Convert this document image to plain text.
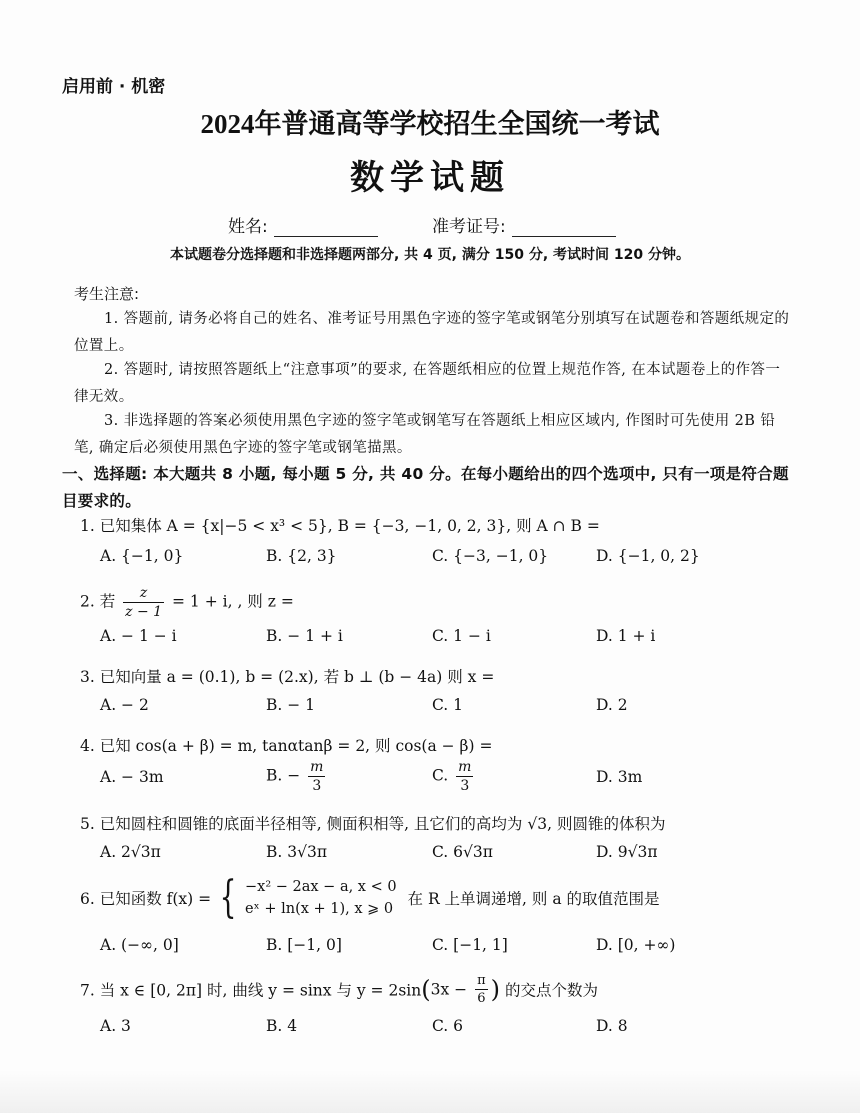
启用前 · 机密
2024年普通高等学校招生全国统一考试
数学试题
姓名:	准考证号:
本试题卷分选择题和非选择题两部分, 共 4 页, 满分 150 分, 考试时间 120 分钟。
考生注意:
1. 答题前, 请务必将自己的姓名、准考证号用黑色字迹的签字笔或钢笔分别填写在试题卷和答题纸规定的位置上。
2. 答题时, 请按照答题纸上“注意事项”的要求, 在答题纸相应的位置上规范作答, 在本试题卷上的作答一律无效。
3. 非选择题的答案必须使用黑色字迹的签字笔或钢笔写在答题纸上相应区域内, 作图时可先使用 2B 铅笔, 确定后必须使用黑色字迹的签字笔或钢笔描黑。
一、选择题: 本大题共 8 小题, 每小题 5 分, 共 40 分。在每小题给出的四个选项中, 只有一项是符合题目要求的。
1. 已知集体 A = {x|−5 < x³ < 5}, B = {−3, −1, 0, 2, 3}, 则 A ∩ B =
A. {−1, 0}	B. {2, 3}	C. {−3, −1, 0}	D. {−1, 0, 2}
2. 若 $\frac{z}{z - 1} = 1 + i$, , 则 z =
A. − 1 − i	B. − 1 + i	C. 1 − i	D. 1 + i
3. 已知向量 a = (0.1), b = (2.x), 若 b ⊥ (b − 4a) 则 x =
A. − 2	B. − 1	C. 1	D. 2
4. 已知 cos(a + β) = m, tanαtanβ = 2, 则 cos(a − β) =
A. − 3m	B. − $\frac{m}{3}$	C. $\frac{m}{3}$	D. 3m
5. 已知圆柱和圆锥的底面半径相等, 侧面积相等, 且它们的高均为 √3, 则圆锥的体积为
A. 2√3π	B. 3√3π	C. 6√3π	D. 9√3π
6. 已知函数 f(x) = { −x² − 2ax − a, x < 0
eˣ + ln(x + 1), x ⩾ 0
在 R 上单调递增, 则 a 的取值范围是
A. (−∞, 0]	B. [−1, 0]	C. [−1, 1]	D. [0, +∞)
7. 当 x ∈ [0, 2π] 时, 曲线 y = sinx 与 $y = 2\sin(3x - \frac{\pi}{6}$ ) 的交点个数为
A. 3	B. 4	C. 6	D. 8
